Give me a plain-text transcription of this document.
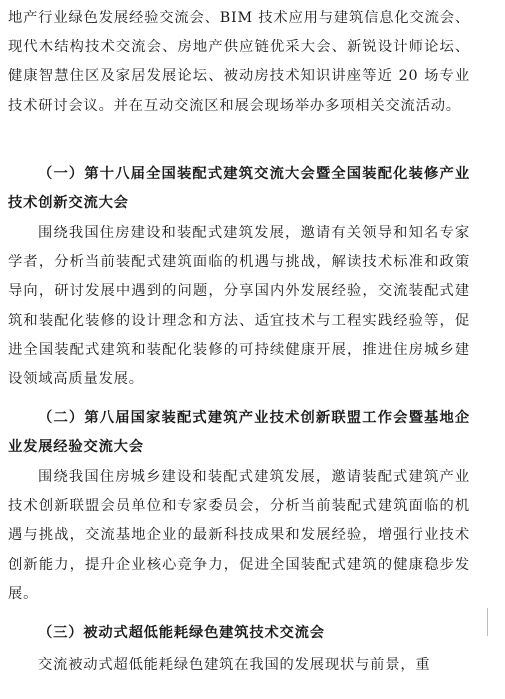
地产行业绿色发展经验交流会、BIM 技术应用与建筑信息化交流会、现代木结构技术交流会、房地产供应链优采大会、新锐设计师论坛、健康智慧住区及家居发展论坛、被动房技术知识讲座等近 20 场专业技术研讨会议。并在互动交流区和展会现场举办多项相关交流活动。

（一）第十八届全国装配式建筑交流大会暨全国装配化装修产业技术创新交流大会

围绕我国住房建设和装配式建筑发展，邀请有关领导和知名专家学者，分析当前装配式建筑面临的机遇与挑战，解读技术标准和政策导向，研讨发展中遇到的问题，分享国内外发展经验，交流装配式建筑和装配化装修的设计理念和方法、适宜技术与工程实践经验等，促进全国装配式建筑和装配化装修的可持续健康开展，推进住房城乡建设领域高质量发展。

（二）第八届国家装配式建筑产业技术创新联盟工作会暨基地企业发展经验交流大会

围绕我国住房城乡建设和装配式建筑发展，邀请装配式建筑产业技术创新联盟会员单位和专家委员会，分析当前装配式建筑面临的机遇与挑战，交流基地企业的最新科技成果和发展经验，增强行业技术创新能力，提升企业核心竞争力，促进全国装配式建筑的健康稳步发展。

（三）被动式超低能耗绿色建筑技术交流会

交流被动式超低能耗绿色建筑在我国的发展现状与前景，重
